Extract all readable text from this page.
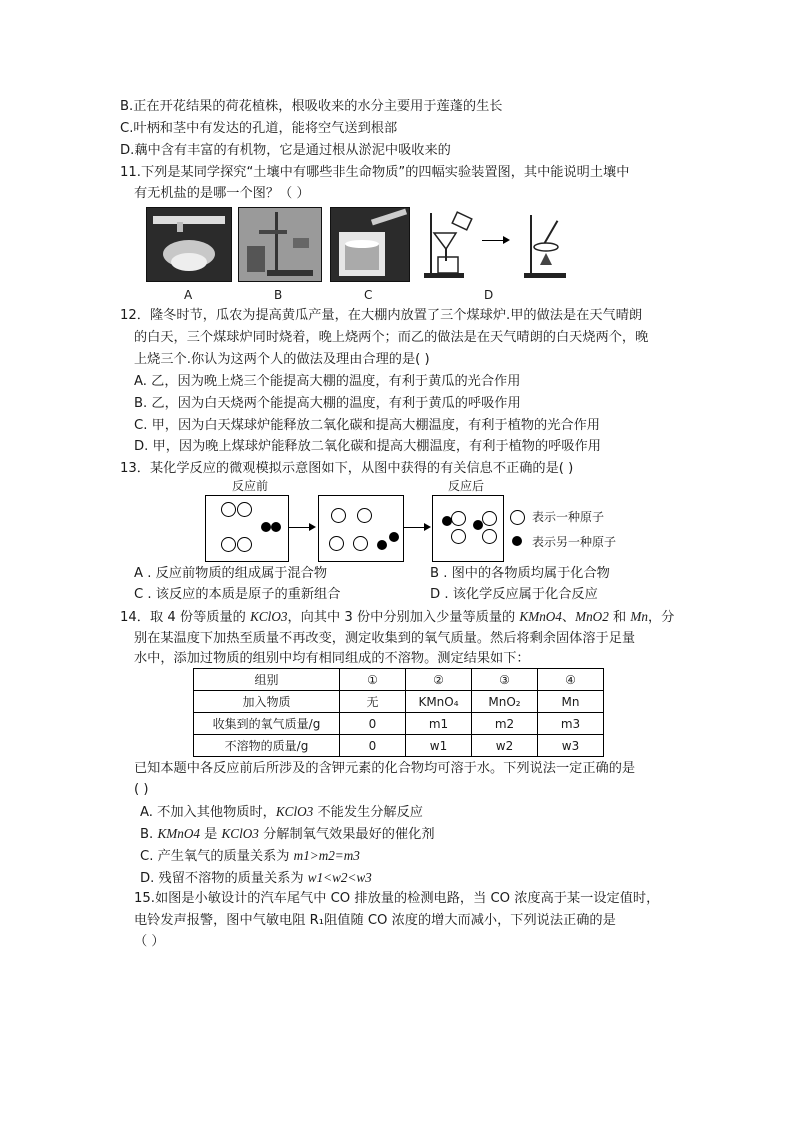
B.正在开花结果的荷花植株，根吸收来的水分主要用于莲蓬的生长
C.叶柄和茎中有发达的孔道，能将空气送到根部
D.藕中含有丰富的有机物，它是通过根从淤泥中吸收来的
11.下列是某同学探究“土壤中有哪些非生命物质”的四幅实验装置图，其中能说明土壤中
有无机盐的是哪一个图？（ ）
A	B	C	D
12．隆冬时节，瓜农为提高黄瓜产量，在大棚内放置了三个煤球炉.甲的做法是在天气晴朗
的白天，三个煤球炉同时烧着，晚上烧两个；而乙的做法是在天气晴朗的白天烧两个，晚
上烧三个.你认为这两个人的做法及理由合理的是( )
A. 乙，因为晚上烧三个能提高大棚的温度，有利于黄瓜的光合作用
B. 乙，因为白天烧两个能提高大棚的温度，有利于黄瓜的呼吸作用
C. 甲，因为白天煤球炉能释放二氧化碳和提高大棚温度，有利于植物的光合作用
D. 甲，因为晚上煤球炉能释放二氧化碳和提高大棚温度，有利于植物的呼吸作用
13．某化学反应的微观模拟示意图如下，从图中获得的有关信息不正确的是( )
反应前	反应后
表示一种原子
表示另一种原子
A . 反应前物质的组成属于混合物	B . 图中的各物质均属于化合物
C . 该反应的本质是原子的重新组合	D . 该化学反应属于化合反应
14．取 4 份等质量的 KClO3，向其中 3 份中分别加入少量等质量的 KMnO4、MnO2 和 Mn，分
别在某温度下加热至质量不再改变，测定收集到的氧气质量。然后将剩余固体溶于足量
水中，添加过物质的组别中均有相同组成的不溶物。测定结果如下：
组别	①	②	③	④
加入物质	无	KMnO₄	MnO₂	Mn
收集到的氧气质量/g	0	m1	m2	m3
不溶物的质量/g	0	w1	w2	w3
已知本题中各反应前后所涉及的含钾元素的化合物均可溶于水。下列说法一定正确的是
( )
A. 不加入其他物质时，KClO3 不能发生分解反应
B. KMnO4 是 KClO3 分解制氧气效果最好的催化剂
C. 产生氧气的质量关系为 m1>m2=m3
D. 残留不溶物的质量关系为 w1<w2<w3
15.如图是小敏设计的汽车尾气中 CO 排放量的检测电路，当 CO 浓度高于某一设定值时，
电铃发声报警，图中气敏电阻 R₁阻值随 CO 浓度的增大而减小，下列说法正确的是
（ ）
